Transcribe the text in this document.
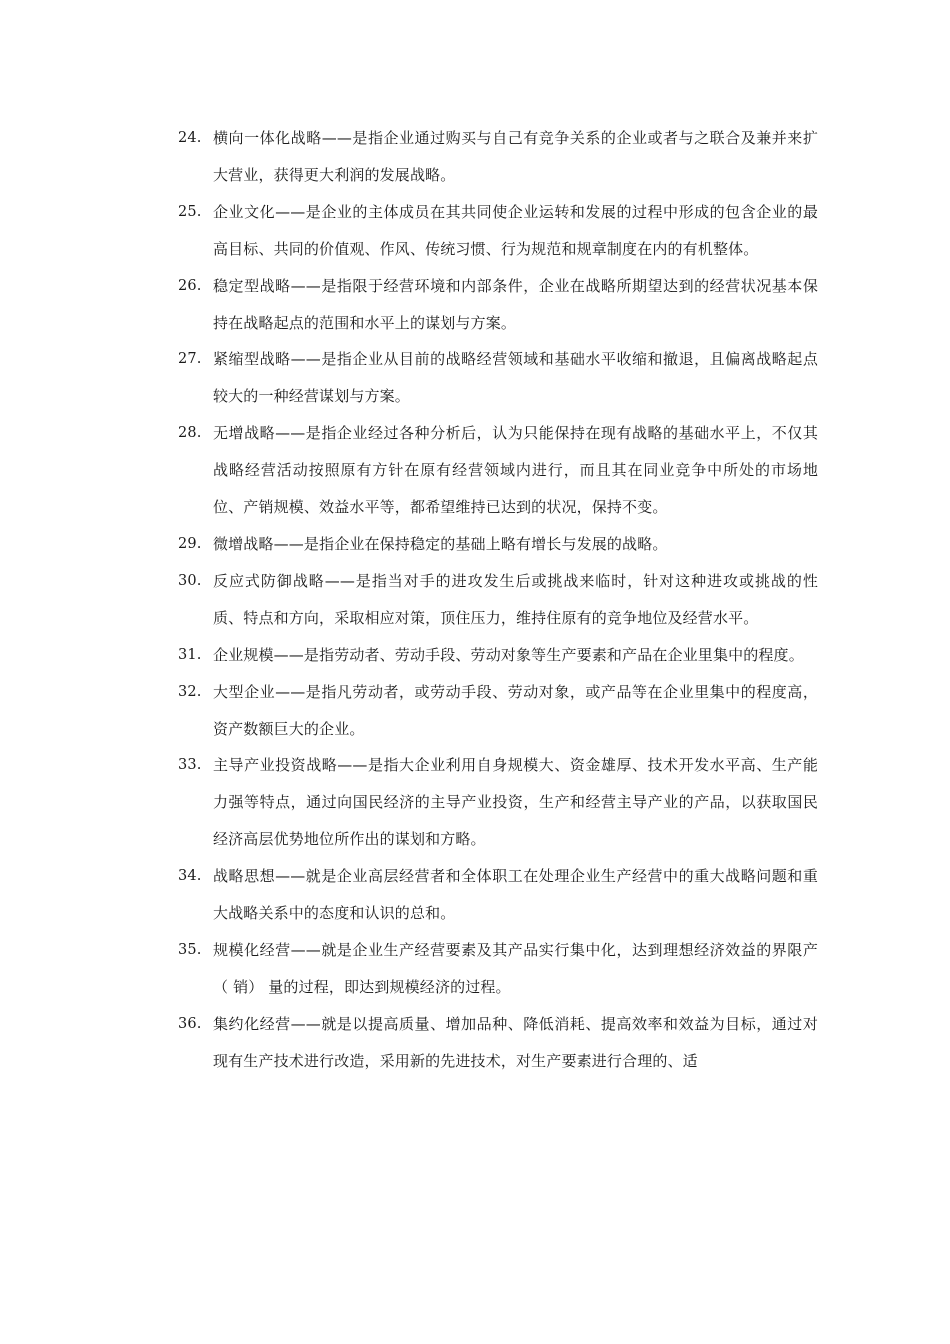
24. 横向一体化战略——是指企业通过购买与自己有竞争关系的企业或者与之联合及兼并来扩大营业，获得更大利润的发展战略。
25. 企业文化——是企业的主体成员在其共同使企业运转和发展的过程中形成的包含企业的最高目标、共同的价值观、作风、传统习惯、行为规范和规章制度在内的有机整体。
26. 稳定型战略——是指限于经营环境和内部条件，企业在战略所期望达到的经营状况基本保持在战略起点的范围和水平上的谋划与方案。
27. 紧缩型战略——是指企业从目前的战略经营领域和基础水平收缩和撤退，且偏离战略起点较大的一种经营谋划与方案。
28. 无增战略——是指企业经过各种分析后，认为只能保持在现有战略的基础水平上，不仅其战略经营活动按照原有方针在原有经营领域内进行，而且其在同业竞争中所处的市场地位、产销规模、效益水平等，都希望维持已达到的状况，保持不变。
29. 微增战略——是指企业在保持稳定的基础上略有增长与发展的战略。
30. 反应式防御战略——是指当对手的进攻发生后或挑战来临时，针对这种进攻或挑战的性质、特点和方向，采取相应对策，顶住压力，维持住原有的竞争地位及经营水平。
31. 企业规模——是指劳动者、劳动手段、劳动对象等生产要素和产品在企业里集中的程度。
32. 大型企业——是指凡劳动者，或劳动手段、劳动对象，或产品等在企业里集中的程度高，资产数额巨大的企业。
33. 主导产业投资战略——是指大企业利用自身规模大、资金雄厚、技术开发水平高、生产能力强等特点，通过向国民经济的主导产业投资，生产和经营主导产业的产品，以获取国民经济高层优势地位所作出的谋划和方略。
34. 战略思想——就是企业高层经营者和全体职工在处理企业生产经营中的重大战略问题和重大战略关系中的态度和认识的总和。
35. 规模化经营——就是企业生产经营要素及其产品实行集中化，达到理想经济效益的界限产（ 销） 量的过程，即达到规模经济的过程。
36. 集约化经营——就是以提高质量、增加品种、降低消耗、提高效率和效益为目标，通过对 现有生产技术进行改造，采用新的先进技术，对生产要素进行合理的、适
